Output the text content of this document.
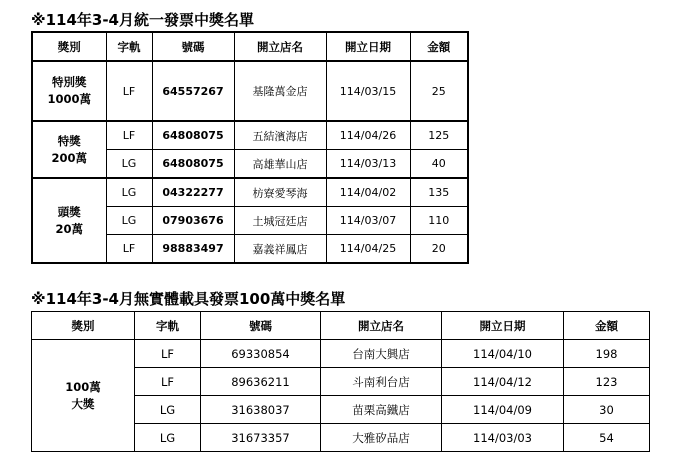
※114年3-4月統一發票中獎名單
獎別	字軌	號碼	開立店名	開立日期	金額

特別獎
1000萬	LF	64557267	基隆萬金店	114/03/15	25

特獎
200萬	LF	64808075	五結濱海店	114/04/26	125
	LG	64808075	高雄華山店	114/03/13	40

頭獎
20萬	LG	04322277	枋寮愛琴海	114/04/02	135
	LG	07903676	土城冠廷店	114/03/07	110
	LF	98883497	嘉義祥鳳店	114/04/25	20
※114年3-4月無實體載具發票100萬中獎名單
獎別	字軌	號碼	開立店名	開立日期	金額

100萬
大獎	LF	69330854	台南大興店	114/04/10	198
	LF	89636211	斗南利台店	114/04/12	123
	LG	31638037	苗栗高鐵店	114/04/09	30
	LG	31673357	大雅矽品店	114/03/03	54
